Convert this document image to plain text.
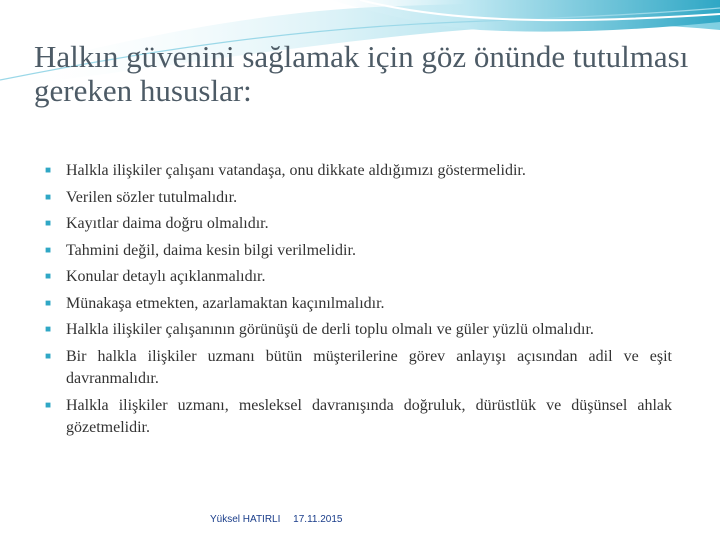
Halkın güvenini sağlamak için göz önünde tutulması gereken hususlar:
■ Halkla ilişkiler çalışanı vatandaşa, onu dikkate aldığımızı göstermelidir.
■ Verilen sözler tutulmalıdır.
■ Kayıtlar daima doğru olmalıdır.
■ Tahmini değil, daima kesin bilgi verilmelidir.
■ Konular detaylı açıklanmalıdır.
■ Münakaşa etmekten, azarlamaktan kaçınılmalıdır.
■ Halkla ilişkiler çalışanının görünüşü de derli toplu olmalı ve güler yüzlü olmalıdır.
■ Bir halkla ilişkiler uzmanı bütün müşterilerine görev anlayışı açısından adil ve eşit davranmalıdır.
■ Halkla ilişkiler uzmanı, mesleksel davranışında doğruluk, dürüstlük ve düşünsel ahlak gözetmelidir.
Yüksel HATIRLI 17.11.2015
